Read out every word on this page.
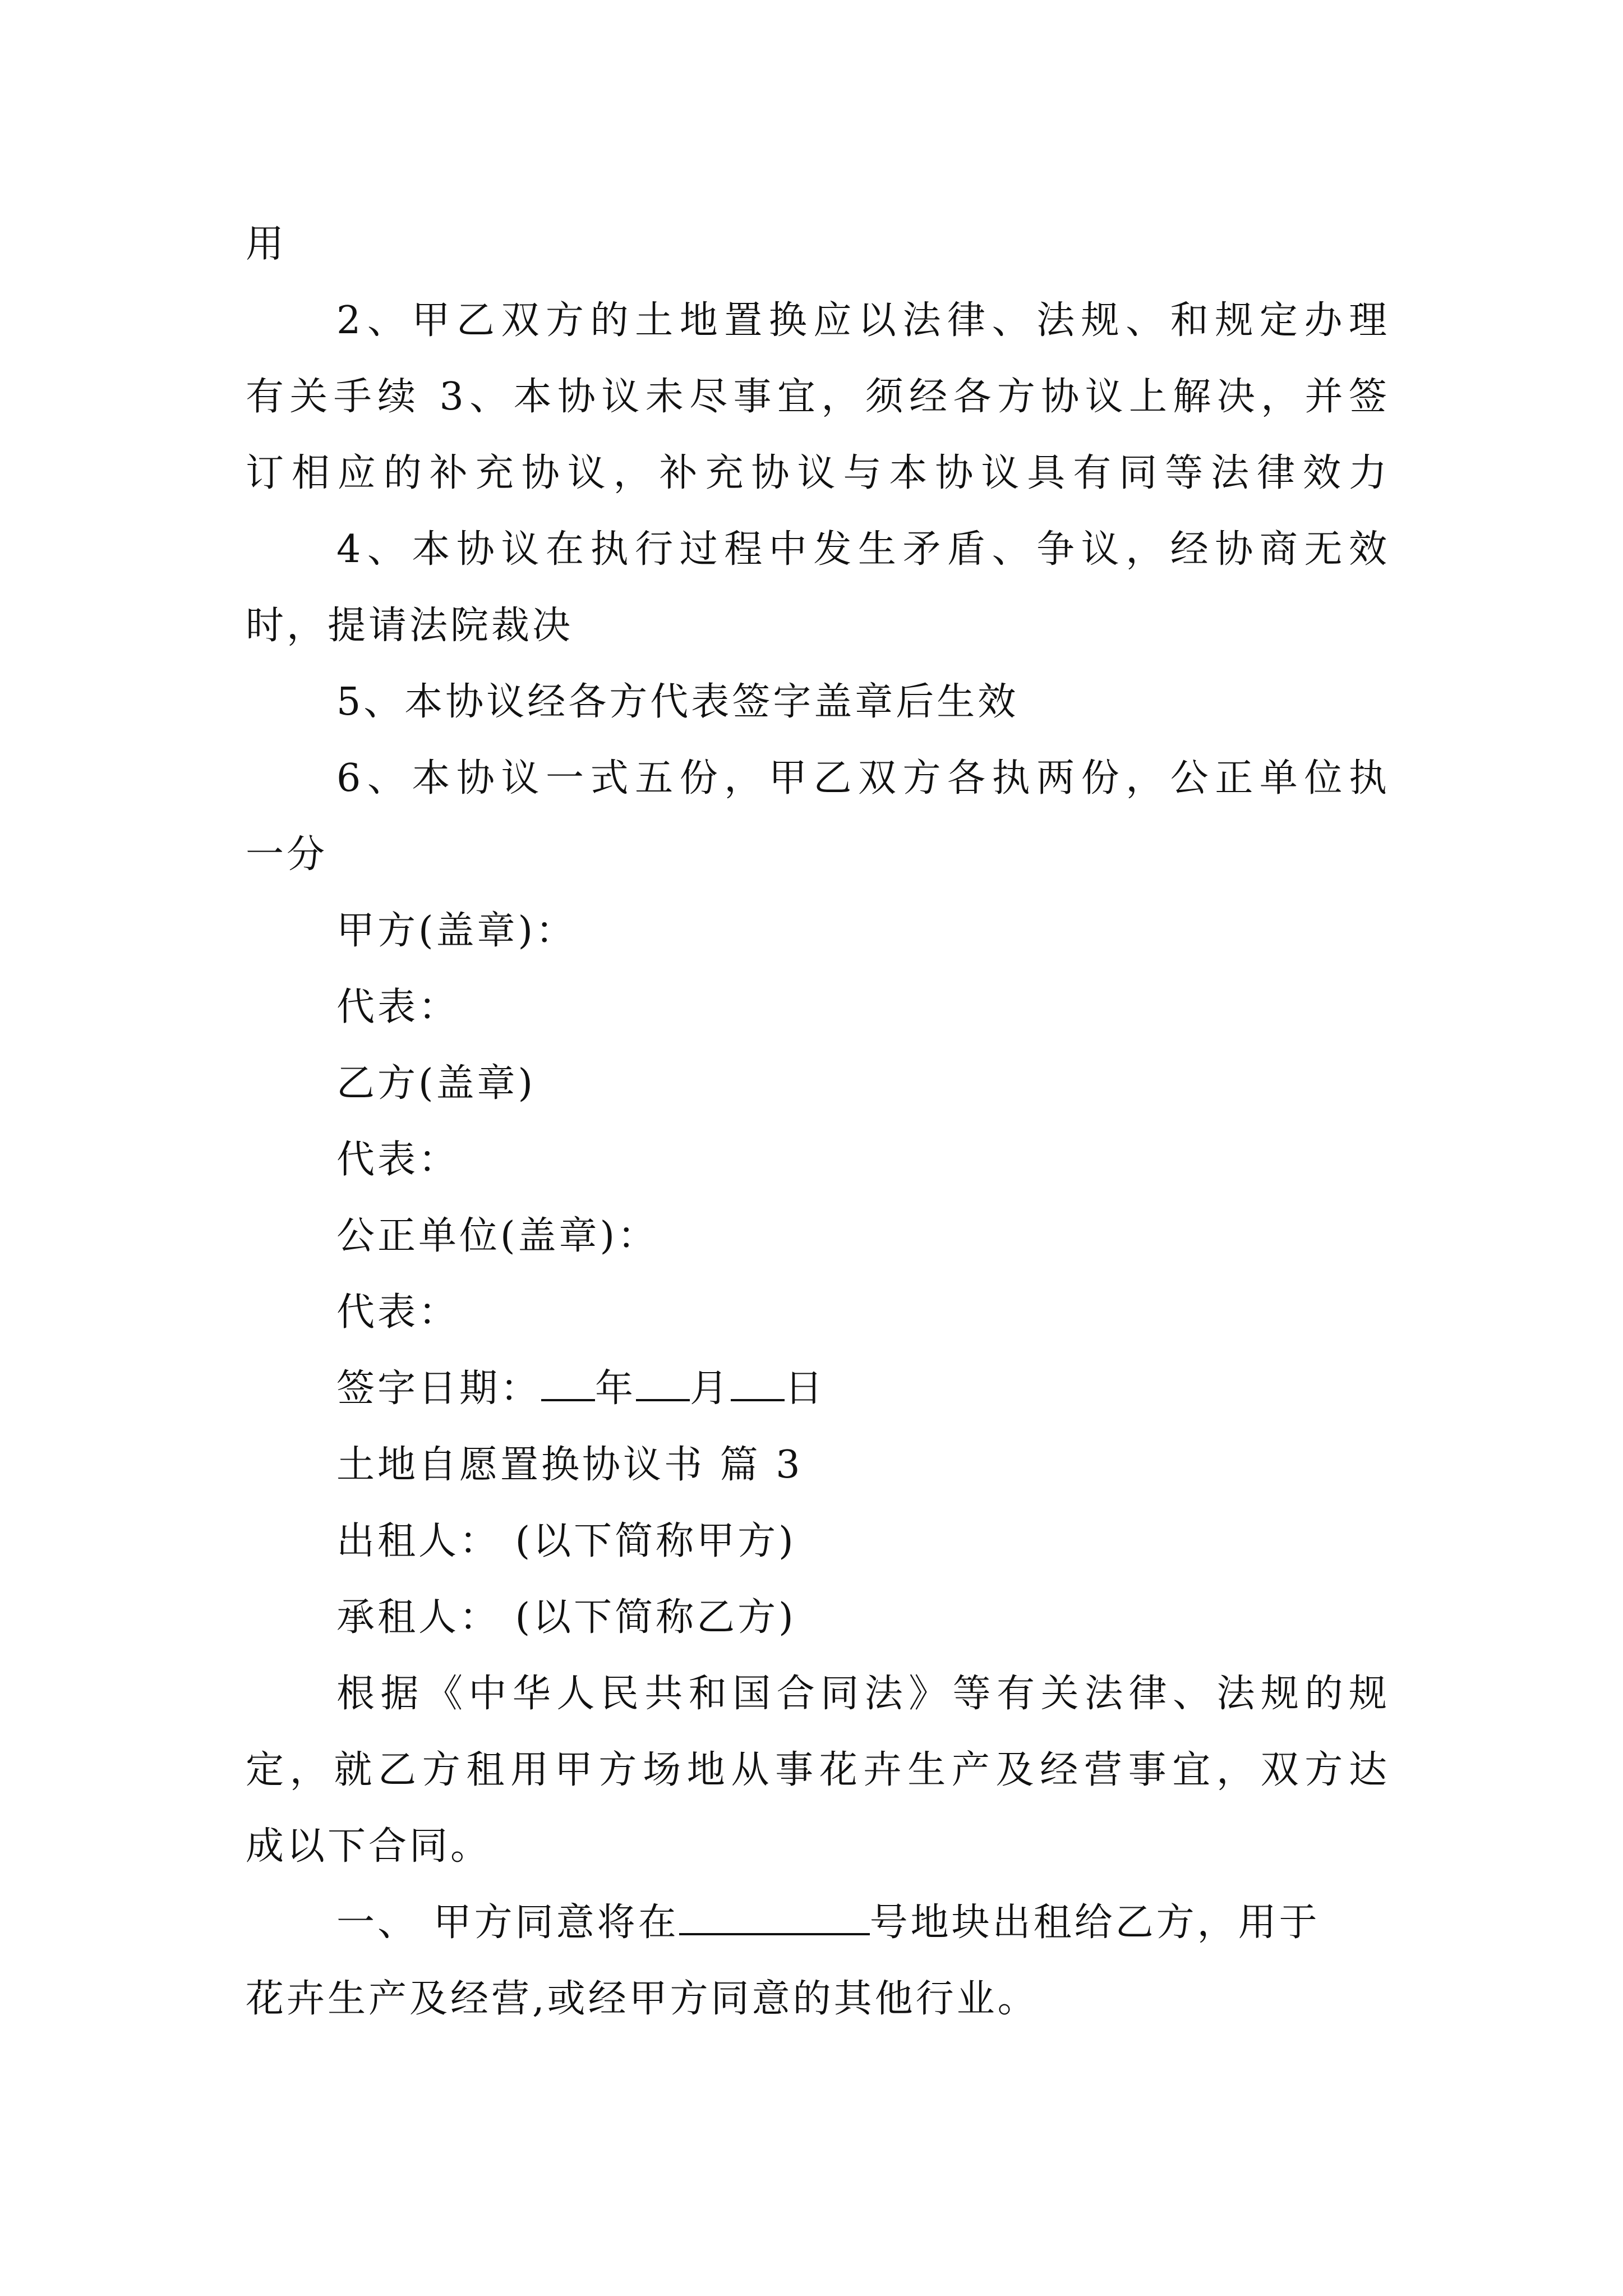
用
2、甲乙双方的土地置换应以法律、法规、和规定办理
有关手续 3、本协议未尽事宜，须经各方协议上解决，并签
订相应的补充协议，补充协议与本协议具有同等法律效力
4、本协议在执行过程中发生矛盾、争议，经协商无效
时，提请法院裁决
5、本协议经各方代表签字盖章后生效
6、本协议一式五份，甲乙双方各执两份，公正单位执
一分
甲方(盖章)：
代表：
乙方(盖章)
代表：
公正单位(盖章)：
代表：
签字日期： 年 月 日
土地自愿置换协议书 篇 3
出租人： (以下简称甲方)
承租人： (以下简称乙方)
根据《中华人民共和国合同法》等有关法律、法规的规
定，就乙方租用甲方场地从事花卉生产及经营事宜，双方达
成以下合同。
一、 甲方同意将在	号地块出租给乙方，用于
花卉生产及经营,或经甲方同意的其他行业。
